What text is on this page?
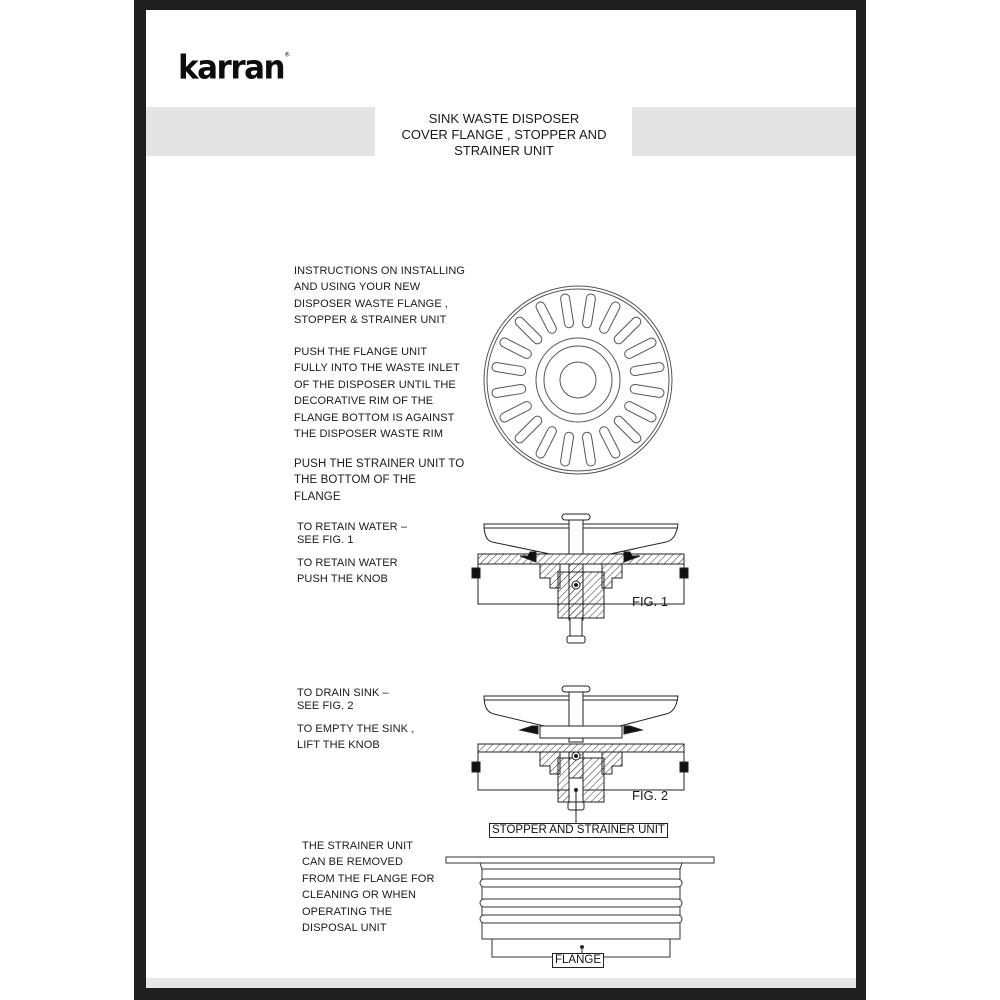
karran®
SINK WASTE DISPOSER
COVER FLANGE , STOPPER AND
STRAINER UNIT
INSTRUCTIONS ON INSTALLING
AND USING YOUR NEW
DISPOSER WASTE FLANGE ,
STOPPER & STRAINER UNIT
PUSH THE FLANGE UNIT
FULLY INTO THE WASTE INLET
OF THE DISPOSER UNTIL THE
DECORATIVE RIM OF THE
FLANGE BOTTOM IS AGAINST
THE DISPOSER WASTE RIM
PUSH THE STRAINER UNIT TO
THE BOTTOM OF THE
FLANGE
TO RETAIN WATER –
SEE FIG. 1
TO RETAIN WATER
PUSH THE KNOB
TO DRAIN SINK –
SEE FIG. 2
TO EMPTY THE SINK ,
LIFT THE KNOB
THE STRAINER UNIT
CAN BE REMOVED
FROM THE FLANGE FOR
CLEANING OR WHEN
OPERATING THE
DISPOSAL UNIT
FIG. 1
FIG. 2
STOPPER AND STRAINER UNIT
FLANGE
